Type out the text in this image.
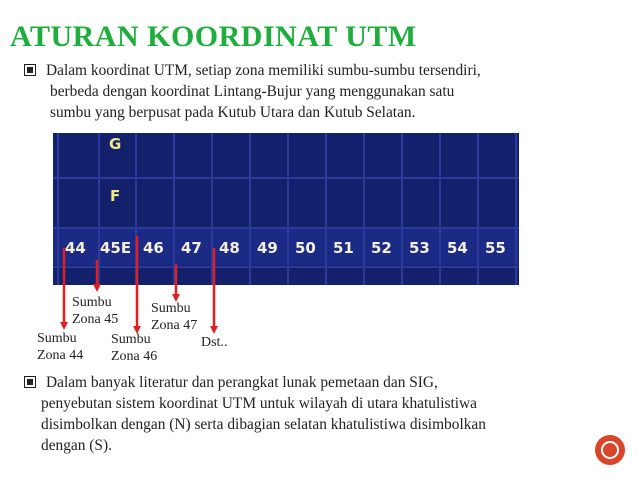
ATURAN KOORDINAT UTM

Dalam koordinat UTM, setiap zona memiliki sumbu-sumbu tersendiri,

berbeda dengan koordinat Lintang-Bujur yang menggunakan satu

sumbu yang berpusat pada Kutub Utara dan Kutub Selatan.

G
F
44 45E 46 47 48 49 50 51 52 53 54 55
Sumbu
Zona 45
Sumbu
Zona 47
Sumbu
Zona 44
Sumbu
Zona 46
Dst..

Dalam banyak literatur dan perangkat lunak pemetaan dan SIG,

penyebutan sistem koordinat UTM untuk wilayah di utara khatulistiwa

disimbolkan dengan (N) serta dibagian selatan khatulistiwa disimbolkan

dengan (S).
